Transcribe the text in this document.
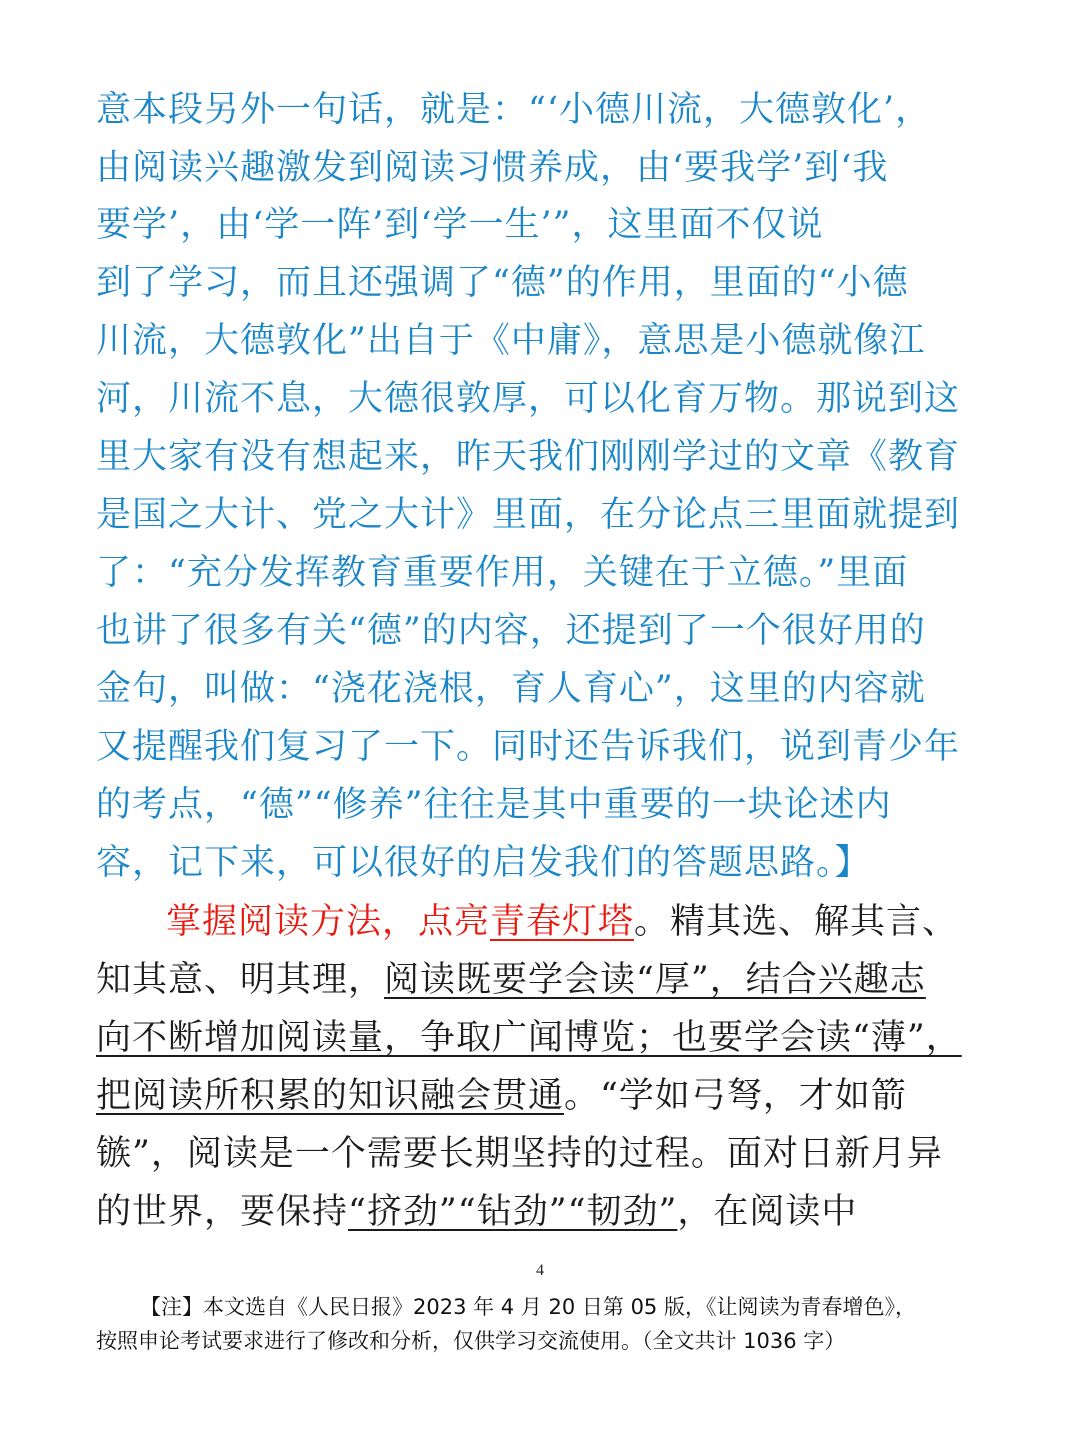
意本段另外一句话，就是：“‘小德川流，大德敦化’，
由阅读兴趣激发到阅读习惯养成，由‘要我学’到‘我
要学’，由‘学一阵’到‘学一生’”，这里面不仅说
到了学习，而且还强调了“德”的作用，里面的“小德
川流，大德敦化”出自于《中庸》，意思是小德就像江
河，川流不息，大德很敦厚，可以化育万物。那说到这
里大家有没有想起来，昨天我们刚刚学过的文章《教育
是国之大计、党之大计》里面，在分论点三里面就提到
了：“充分发挥教育重要作用，关键在于立德。”里面
也讲了很多有关“德”的内容，还提到了一个很好用的
金句，叫做：“浇花浇根，育人育心”，这里的内容就
又提醒我们复习了一下。同时还告诉我们，说到青少年
的考点，“德”“修养”往往是其中重要的一块论述内
容，记下来，可以很好的启发我们的答题思路。】
掌握阅读方法，点亮青春灯塔。精其选、解其言、
知其意、明其理，阅读既要学会读“厚”，结合兴趣志
向不断增加阅读量，争取广闻博览；也要学会读“薄”，
把阅读所积累的知识融会贯通。“学如弓弩，才如箭
镞”，阅读是一个需要长期坚持的过程。面对日新月异
的世界，要保持“挤劲”“钻劲”“韧劲”，在阅读中
4
【注】本文选自《人民日报》2023 年 4 月 20 日第 05 版，《让阅读为青春增色》，
按照申论考试要求进行了修改和分析，仅供学习交流使用。（全文共计 1036 字）
